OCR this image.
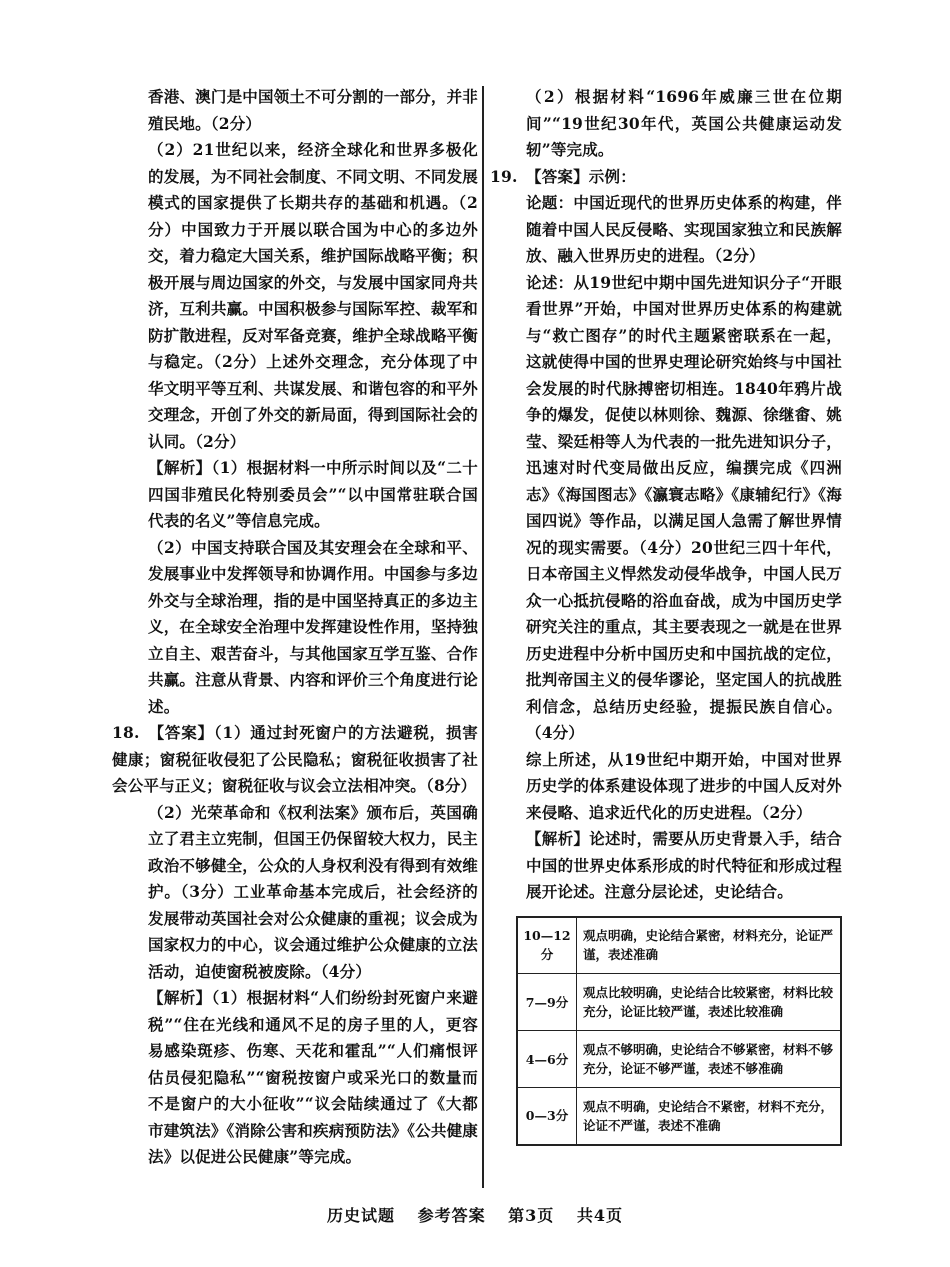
香港、澳门是中国领土不可分割的一部分，并非殖民地。（2分）

（2）21世纪以来，经济全球化和世界多极化的发展，为不同社会制度、不同文明、不同发展模式的国家提供了长期共存的基础和机遇。（2分）中国致力于开展以联合国为中心的多边外交，着力稳定大国关系，维护国际战略平衡；积极开展与周边国家的外交，与发展中国家同舟共济，互利共赢。中国积极参与国际军控、裁军和防扩散进程，反对军备竞赛，维护全球战略平衡与稳定。（2分）上述外交理念，充分体现了中华文明平等互利、共谋发展、和谐包容的和平外交理念，开创了外交的新局面，得到国际社会的认同。（2分）

【解析】（1）根据材料一中所示时间以及“二十四国非殖民化特别委员会”“以中国常驻联合国代表的名义”等信息完成。

（2）中国支持联合国及其安理会在全球和平、发展事业中发挥领导和协调作用。中国参与多边外交与全球治理，指的是中国坚持真正的多边主义，在全球安全治理中发挥建设性作用，坚持独立自主、艰苦奋斗，与其他国家互学互鉴、合作共赢。注意从背景、内容和评价三个角度进行论述。

18. 【答案】（1）通过封死窗户的方法避税，损害健康；窗税征收侵犯了公民隐私；窗税征收损害了社会公平与正义；窗税征收与议会立法相冲突。（8分）

（2）光荣革命和《权利法案》颁布后，英国确立了君主立宪制，但国王仍保留较大权力，民主政治不够健全，公众的人身权利没有得到有效维护。（3分）工业革命基本完成后，社会经济的发展带动英国社会对公众健康的重视；议会成为国家权力的中心，议会通过维护公众健康的立法活动，迫使窗税被废除。（4分）

【解析】（1）根据材料“人们纷纷封死窗户来避税”“住在光线和通风不足的房子里的人，更容易感染斑疹、伤寒、天花和霍乱”“人们痛恨评估员侵犯隐私”“窗税按窗户或采光口的数量而不是窗户的大小征收”“议会陆续通过了《大都市建筑法》《消除公害和疾病预防法》《公共健康法》以促进公民健康”等完成。

（2）根据材料“1696年威廉三世在位期间”“19世纪30年代，英国公共健康运动发轫”等完成。

19. 【答案】示例：

论题：中国近现代的世界历史体系的构建，伴随着中国人民反侵略、实现国家独立和民族解放、融入世界历史的进程。（2分）

论述：从19世纪中期中国先进知识分子“开眼看世界”开始，中国对世界历史体系的构建就与“救亡图存”的时代主题紧密联系在一起，这就使得中国的世界史理论研究始终与中国社会发展的时代脉搏密切相连。1840年鸦片战争的爆发，促使以林则徐、魏源、徐继畬、姚莹、梁廷枏等人为代表的一批先进知识分子，迅速对时代变局做出反应，编撰完成《四洲志》《海国图志》《瀛寰志略》《康辅纪行》《海国四说》等作品，以满足国人急需了解世界情况的现实需要。（4分）20世纪三四十年代，日本帝国主义悍然发动侵华战争，中国人民万众一心抵抗侵略的浴血奋战，成为中国历史学研究关注的重点，其主要表现之一就是在世界历史进程中分析中国历史和中国抗战的定位，批判帝国主义的侵华谬论，坚定国人的抗战胜利信念，总结历史经验，提振民族自信心。（4分）

综上所述，从19世纪中期开始，中国对世界历史学的体系建设体现了进步的中国人反对外来侵略、追求近代化的历史进程。（2分）

【解析】论述时，需要从历史背景入手，结合中国的世界史体系形成的时代特征和形成过程展开论述。注意分层论述，史论结合。

10—12分	观点明确，史论结合紧密，材料充分，论证严谨，表述准确
7—9分	观点比较明确，史论结合比较紧密，材料比较充分，论证比较严谨，表述比较准确
4—6分	观点不够明确，史论结合不够紧密，材料不够充分，论证不够严谨，表述不够准确
0—3分	观点不明确，史论结合不紧密，材料不充分，论证不严谨，表述不准确
历史试题 参考答案 第3页 共4页
